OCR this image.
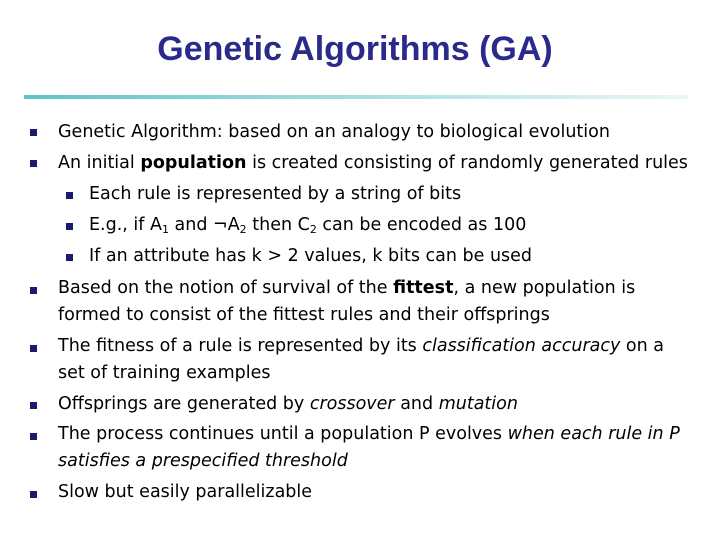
Genetic Algorithms (GA)
Genetic Algorithm: based on an analogy to biological evolution
An initial population is created consisting of randomly generated rules
Each rule is represented by a string of bits
E.g., if $A_1$ and $\neg A_2$ then $C_2$ can be encoded as 100
If an attribute has k > 2 values, k bits can be used
Based on the notion of survival of the fittest, a new population is
formed to consist of the fittest rules and their offsprings
The fitness of a rule is represented by its classification accuracy on a
set of training examples
Offsprings are generated by crossover and mutation
The process continues until a population P evolves when each rule in P
satisfies a prespecified threshold
Slow but easily parallelizable
